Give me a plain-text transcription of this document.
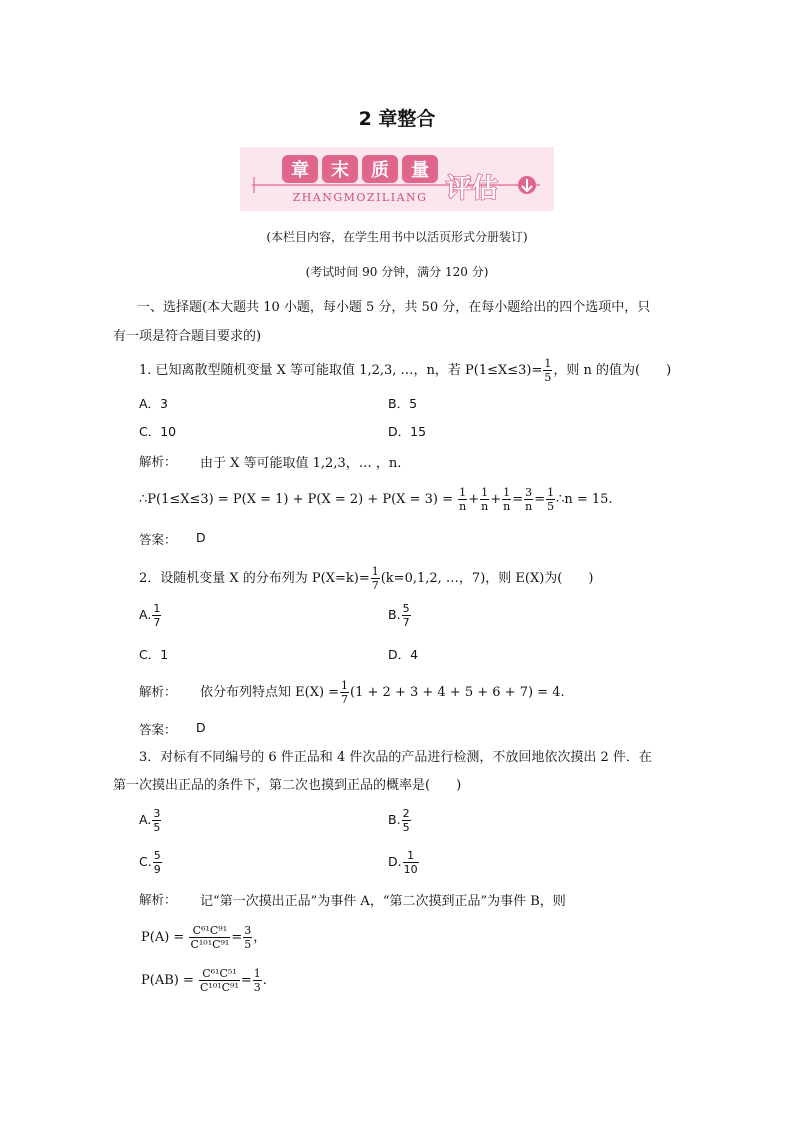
2 章整合
章 末 质 量
ZHANGMOZILIANG 评估
(本栏目内容，在学生用书中以活页形式分册装订)
(考试时间 90 分钟，满分 120 分)
一、选择题(本大题共 10 小题，每小题 5 分，共 50 分，在每小题给出的四个选项中，只
有一项是符合题目要求的)
1. 已知离散型随机变量 X 等可能取值 1,2,3, …，n，若 $P(1\le X\le 3)= \frac{1}{5}$ ，则 n 的值为(　　)
A．3	B．5
C．10	D．15
解析： 由于 X 等可能取值 1,2,3，… ，n.
∴P(1≤X≤3) = $P(X = 1) + P(X = 2) + P(X = 3) = \frac{1}{n} + \frac{1}{n} + \frac{1}{n} = \frac{3}{n} = \frac{1}{5}$ ∴n = 15.
答案： D
2．设随机变量 X 的分布列为 $P(X=k)= \frac{1}{7} (k=0,1,2$, …，7)，则 E(X)为(　　)
A. $\frac{1}{7}$	B. $\frac{5}{7}$
C．1	D．4
解析： 依分布列特点知 $E(X) = \frac{1}{7} (1 + 2 + 3 + 4 + 5 + 6 + 7) = 4$.
答案： D
3．对标有不同编号的 6 件正品和 4 件次品的产品进行检测，不放回地依次摸出 2 件．在
第一次摸出正品的条件下，第二次也摸到正品的概率是(　　)
A. $\frac{3}{5}$	B. $\frac{2}{5}$
C. $\frac{5}{9}$	D. $\frac{1}{10}$
解析： 记“第一次摸出正品”为事件 A，“第二次摸到正品”为事件 B，则
$P(A) = \frac{\text{C⁶¹C⁹¹}}{\text{C¹⁰¹C⁹¹}} = \frac{3}{5}$ ，
$P(AB) = \frac{\text{C⁶¹C⁵¹}}{\text{C¹⁰¹C⁹¹}} = \frac{1}{3}$ .
